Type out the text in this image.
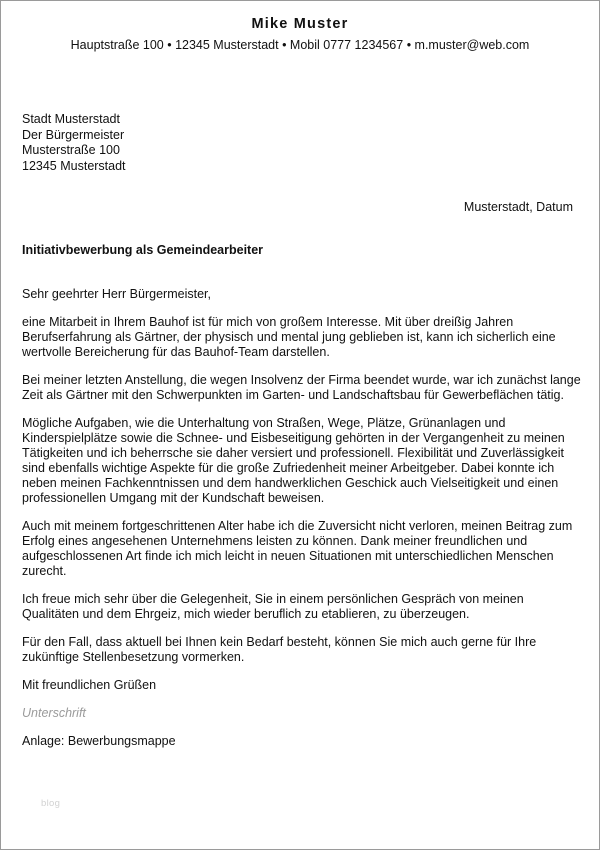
Mike Muster
Hauptstraße 100 • 12345 Musterstadt • Mobil 0777 1234567 • m.muster@web.com
Stadt Musterstadt
Der Bürgermeister
Musterstraße 100
12345 Musterstadt
Musterstadt, Datum
Initiativbewerbung als Gemeindearbeiter

Sehr geehrter Herr Bürgermeister,

eine Mitarbeit in Ihrem Bauhof ist für mich von großem Interesse. Mit über dreißig Jahren Berufserfahrung als Gärtner, der physisch und mental jung geblieben ist, kann ich sicherlich eine wertvolle Bereicherung für das Bauhof-Team darstellen.

Bei meiner letzten Anstellung, die wegen Insolvenz der Firma beendet wurde, war ich zunächst lange Zeit als Gärtner mit den Schwerpunkten im Garten- und Landschaftsbau für Gewerbeflächen tätig.

Mögliche Aufgaben, wie die Unterhaltung von Straßen, Wege, Plätze, Grünanlagen und Kinderspielplätze sowie die Schnee- und Eisbeseitigung gehörten in der Vergangenheit zu meinen Tätigkeiten und ich beherrsche sie daher versiert und professionell. Flexibilität und Zuverlässigkeit sind ebenfalls wichtige Aspekte für die große Zufriedenheit meiner Arbeitgeber. Dabei konnte ich neben meinen Fachkenntnissen und dem handwerklichen Geschick auch Vielseitigkeit und einen professionellen Umgang mit der Kundschaft beweisen.

Auch mit meinem fortgeschrittenen Alter habe ich die Zuversicht nicht verloren, meinen Beitrag zum Erfolg eines angesehenen Unternehmens leisten zu können. Dank meiner freundlichen und aufgeschlossenen Art finde ich mich leicht in neuen Situationen mit unterschiedlichen Menschen zurecht.

Ich freue mich sehr über die Gelegenheit, Sie in einem persönlichen Gespräch von meinen Qualitäten und dem Ehrgeiz, mich wieder beruflich zu etablieren, zu überzeugen.

Für den Fall, dass aktuell bei Ihnen kein Bedarf besteht, können Sie mich auch gerne für Ihre zukünftige Stellenbesetzung vormerken.

Mit freundlichen Grüßen

Unterschrift

Anlage: Bewerbungsmappe

blog
